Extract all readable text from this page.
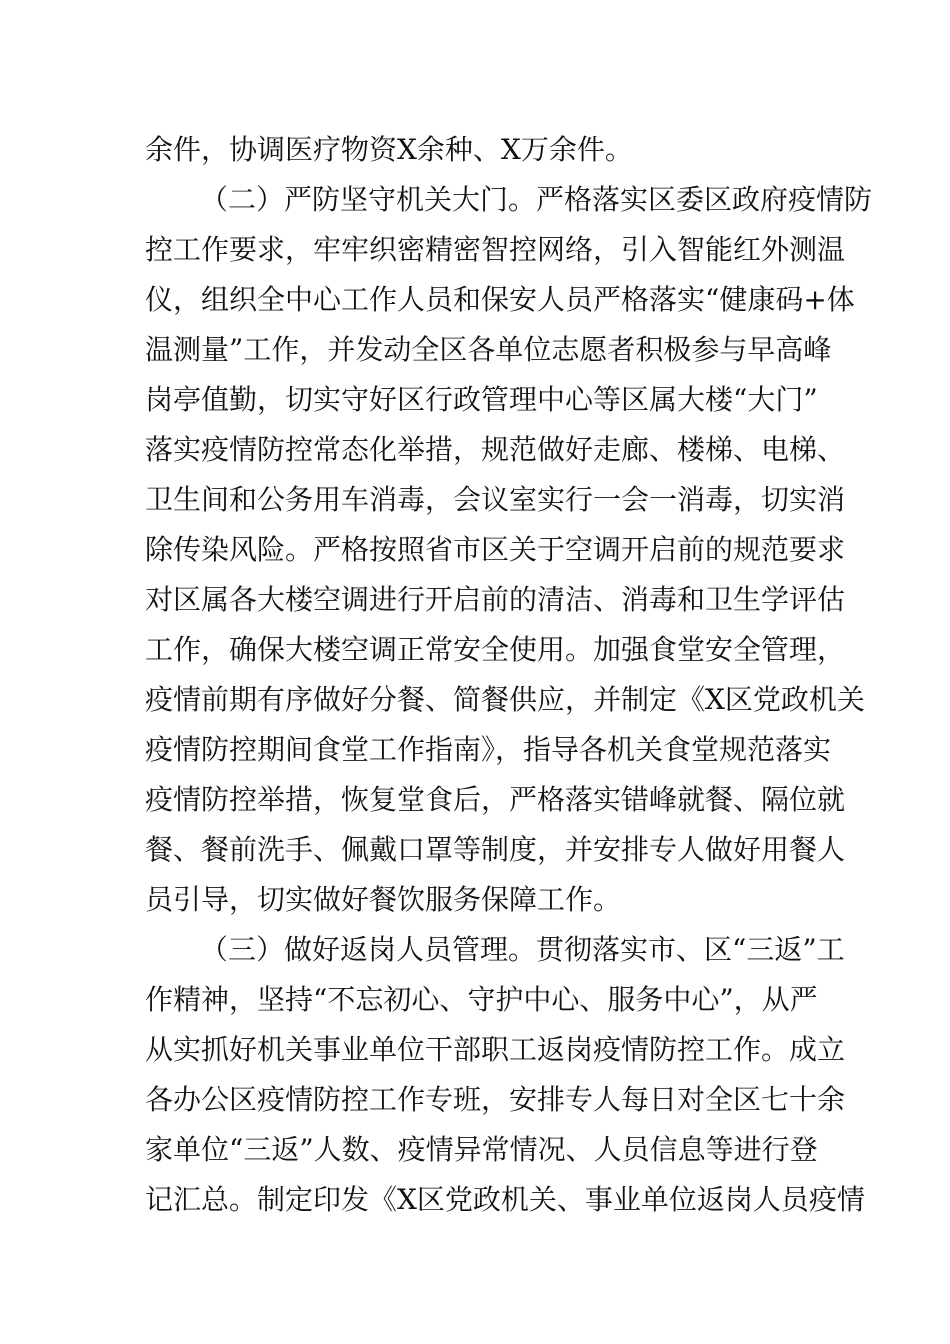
余件，协调医疗物资X余种、X万余件。

（二）严防坚守机关大门。严格落实区委区政府疫情防

控工作要求，牢牢织密精密智控网络，引入智能红外测温

仪，组织全中心工作人员和保安人员严格落实“健康码+体

温测量”工作，并发动全区各单位志愿者积极参与早高峰

岗亭值勤，切实守好区行政管理中心等区属大楼“大门”

落实疫情防控常态化举措，规范做好走廊、楼梯、电梯、

卫生间和公务用车消毒，会议室实行一会一消毒，切实消

除传染风险。严格按照省市区关于空调开启前的规范要求

对区属各大楼空调进行开启前的清洁、消毒和卫生学评估

工作，确保大楼空调正常安全使用。加强食堂安全管理，

疫情前期有序做好分餐、简餐供应，并制定《X区党政机关

疫情防控期间食堂工作指南》，指导各机关食堂规范落实

疫情防控举措，恢复堂食后，严格落实错峰就餐、隔位就

餐、餐前洗手、佩戴口罩等制度，并安排专人做好用餐人

员引导，切实做好餐饮服务保障工作。

（三）做好返岗人员管理。贯彻落实市、区“三返”工

作精神，坚持“不忘初心、守护中心、服务中心”，从严

从实抓好机关事业单位干部职工返岗疫情防控工作。成立

各办公区疫情防控工作专班，安排专人每日对全区七十余

家单位“三返”人数、疫情异常情况、人员信息等进行登

记汇总。制定印发《X区党政机关、事业单位返岗人员疫情
